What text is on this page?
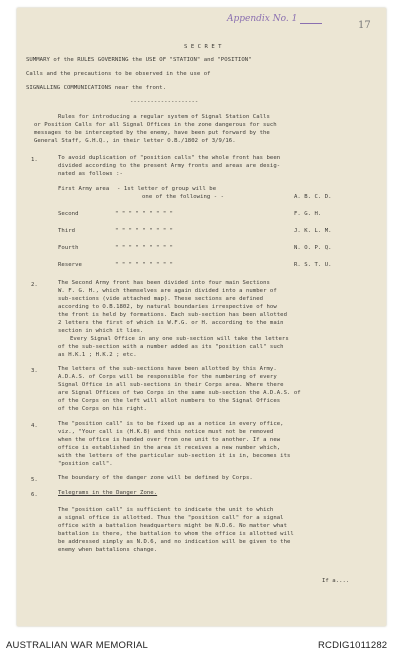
Appendix No. 1
17
S E C R E T
SUMMARY of the RULES GOVERNING the USE OF "STATION" and "POSITION"
Calls and the precautions to be observed in the use of
SIGNALLING COMMUNICATIONS near the front.
--------------------
Rules for introducing a regular system of Signal Station Calls
or Position Calls for all Signal Offices in the zone dangerous for such
messages to be intercepted by the enemy, have been put forward by the
General Staff, G.H.Q., in their letter O.B./1802 of 3/9/16.
1.	To avoid duplication of "position calls" the whole front has been
divided according to the present Army fronts and areas are desig-
nated as follows :-
First Army area - 1st letter of group will be
one of the following - -	A. B. C. D.
Second	" " " " " " " " "	F. G. H.
Third	" " " " " " " " "	J. K. L. M.
Fourth	" " " " " " " " "	N. O. P. Q.
Reserve	" " " " " " " " "	R. S. T. U.
2.	The Second Army front has been divided into four main Sections
W. F. G. H., which themselves are again divided into a number of
sub-sections (vide attached map). These sections are defined
according to O.B.1802, by natural boundaries irrespective of how
the front is held by formations. Each sub-section has been allotted
2 letters the first of which is W.F.G. or H. according to the main
section in which it lies.
Every Signal Office in any one sub-section will take the letters
of the sub-section with a number added as its "position call" such
as H.K.1 ; H.K.2 ; etc.
3.	The letters of the sub-sections have been allotted by this Army.
A.D.A.S. of Corps will be responsible for the numbering of every
Signal Office in all sub-sections in their Corps area. Where there
are Signal Offices of two Corps in the same sub-section the A.D.A.S. of
of the Corps on the left will allot numbers to the Signal Offices
of the Corps on his right.
4.	The "position call" is to be fixed up as a notice in every office,
viz., "Your call is (H.K.8) and this notice must not be removed
when the office is handed over from one unit to another. If a new
office is established in the area it receives a new number which,
with the letters of the particular sub-section it is in, becomes its
"position call".
5.	The boundary of the danger zone will be defined by Corps.
6.	Telegrams in the Danger Zone.
The "position call" is sufficient to indicate the unit to which
a signal office is allotted. Thus the "position call" for a signal
office with a battalion headquarters might be N.D.6. No matter what
battalion is there, the battalion to whom the office is allotted will
be addressed simply as N.D.6, and no indication will be given to the
enemy when battalions change.
If a....
AUSTRALIAN WAR MEMORIAL	RCDIG1011282
